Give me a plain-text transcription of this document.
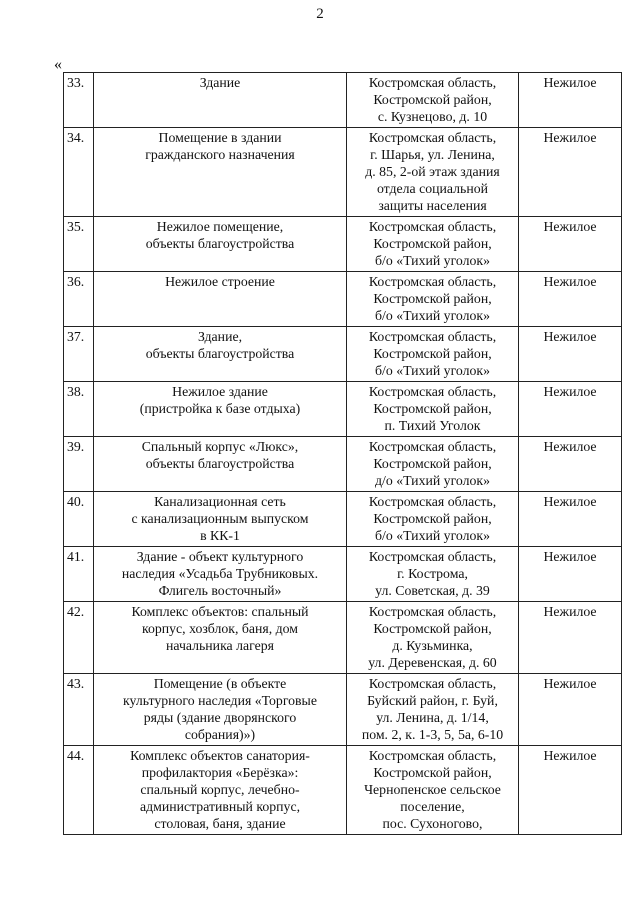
2
«
33.	Здание	Костромская область,
Костромской район,
с. Кузнецово, д. 10	Нежилое
34.	Помещение в здании
гражданского назначения	Костромская область,
г. Шарья, ул. Ленина,
д. 85, 2-ой этаж здания
отдела социальной
защиты населения	Нежилое
35.	Нежилое помещение,
объекты благоустройства	Костромская область,
Костромской район,
б/о «Тихий уголок»	Нежилое
36.	Нежилое строение	Костромская область,
Костромской район,
б/о «Тихий уголок»	Нежилое
37.	Здание,
объекты благоустройства	Костромская область,
Костромской район,
б/о «Тихий уголок»	Нежилое
38.	Нежилое здание
(пристройка к базе отдыха)	Костромская область,
Костромской район,
п. Тихий Уголок	Нежилое
39.	Спальный корпус «Люкс»,
объекты благоустройства	Костромская область,
Костромской район,
д/о «Тихий уголок»	Нежилое
40.	Канализационная сеть
с канализационным выпуском
в КК-1	Костромская область,
Костромской район,
б/о «Тихий уголок»	Нежилое
41.	Здание - объект культурного
наследия «Усадьба Трубниковых.
Флигель восточный»	Костромская область,
г. Кострома,
ул. Советская, д. 39	Нежилое
42.	Комплекс объектов: спальный
корпус, хозблок, баня, дом
начальника лагеря	Костромская область,
Костромской район,
д. Кузьминка,
ул. Деревенская, д. 60	Нежилое
43.	Помещение (в объекте
культурного наследия «Торговые
ряды (здание дворянского
собрания)»)	Костромская область,
Буйский район, г. Буй,
ул. Ленина, д. 1/14,
пом. 2, к. 1-3, 5, 5а, 6-10	Нежилое
44.	Комплекс объектов санатория-
профилактория «Берёзка»:
спальный корпус, лечебно-
административный корпус,
столовая, баня, здание	Костромская область,
Костромской район,
Чернопенское сельское
поселение,
пос. Сухоногово,	Нежилое
